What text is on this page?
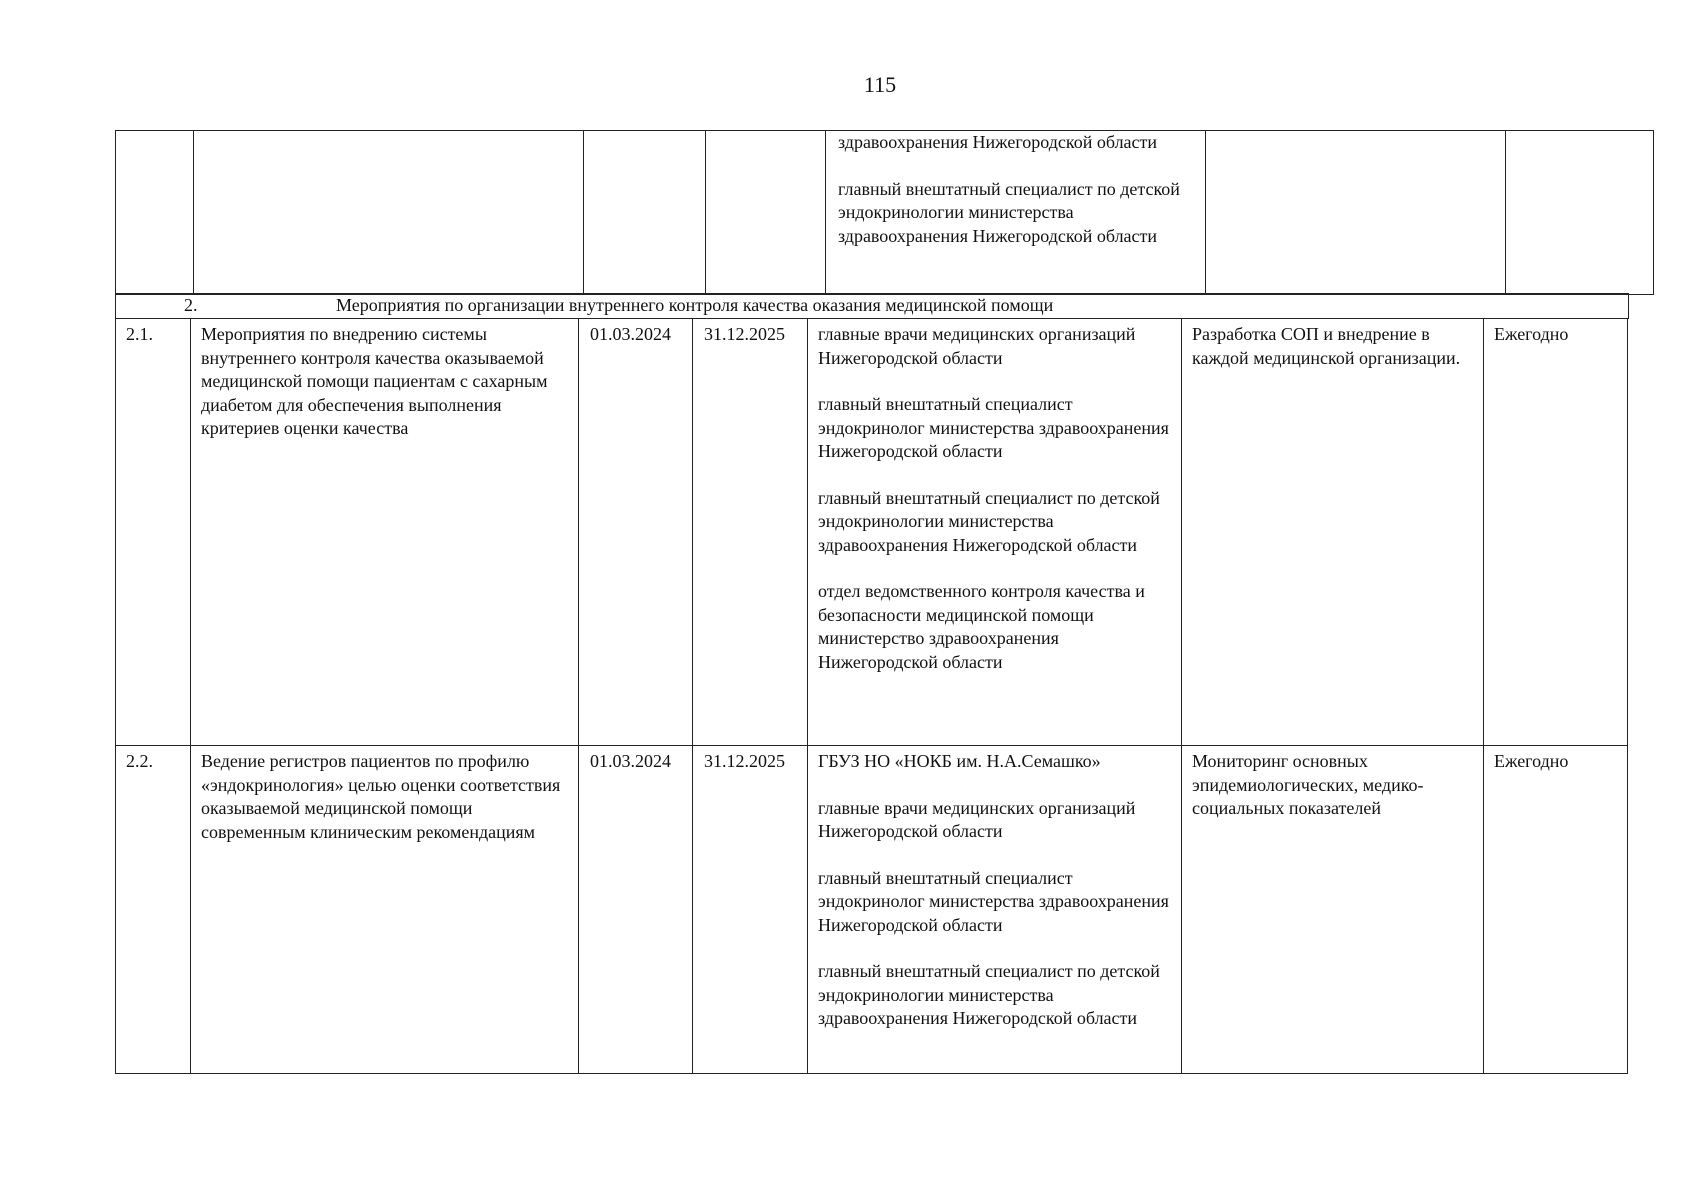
115

здравоохранения Нижегородской области

главный внештатный специалист по детской эндокринологии министерства здравоохранения Нижегородской области

2.	Мероприятия по организации внутреннего контроля качества оказания медицинской помощи
2.1.	Мероприятия по внедрению системы внутреннего контроля качества оказываемой медицинской помощи пациентам с сахарным диабетом для обеспечения выполнения критериев оценки качества	01.03.2024	31.12.2025	главные врачи медицинских организаций Нижегородской области

главный внештатный специалист эндокринолог министерства здравоохранения Нижегородской области

главный внештатный специалист по детской эндокринологии министерства здравоохранения Нижегородской области

отдел ведомственного контроля качества и безопасности медицинской помощи министерство здравоохранения Нижегородской области	Разработка СОП и внедрение в каждой медицинской организации.	Ежегодно
2.2.	Ведение регистров пациентов по профилю «эндокринология» целью оценки соответствия оказываемой медицинской помощи современным клиническим рекомендациям	01.03.2024	31.12.2025	ГБУЗ НО «НОКБ им. Н.А.Семашко»

главные врачи медицинских организаций Нижегородской области

главный внештатный специалист эндокринолог министерства здравоохранения Нижегородской области

главный внештатный специалист по детской эндокринологии министерства здравоохранения Нижегородской области	Мониторинг основных эпидемиологических, медико-социальных показателей	Ежегодно
